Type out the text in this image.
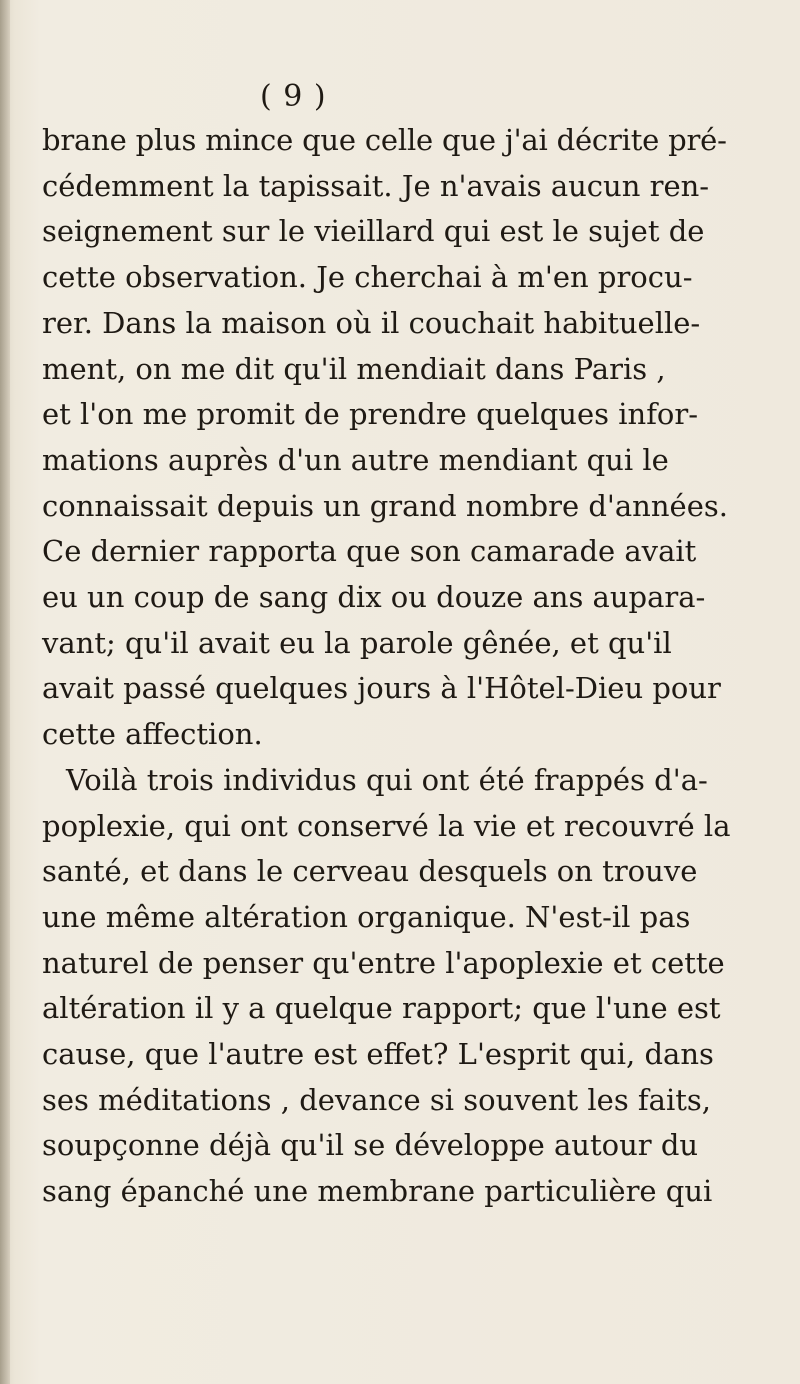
( 9 )
brane plus mince que celle que j'ai décrite pré-
cédemment la tapissait. Je n'avais aucun ren-
seignement sur le vieillard qui est le sujet de
cette observation. Je cherchai à m'en procu-
rer. Dans la maison où il couchait habituelle-
ment, on me dit qu'il mendiait dans Paris ,
et l'on me promit de prendre quelques infor-
mations auprès d'un autre mendiant qui le
connaissait depuis un grand nombre d'années.
Ce dernier rapporta que son camarade avait
eu un coup de sang dix ou douze ans aupara-
vant; qu'il avait eu la parole gênée, et qu'il
avait passé quelques jours à l'Hôtel-Dieu pour
cette affection.
Voilà trois individus qui ont été frappés d'a-
poplexie, qui ont conservé la vie et recouvré la
santé, et dans le cerveau desquels on trouve
une même altération organique. N'est-il pas
naturel de penser qu'entre l'apoplexie et cette
altération il y a quelque rapport; que l'une est
cause, que l'autre est effet? L'esprit qui, dans
ses méditations , devance si souvent les faits,
soupçonne déjà qu'il se développe autour du
sang épanché une membrane particulière qui
